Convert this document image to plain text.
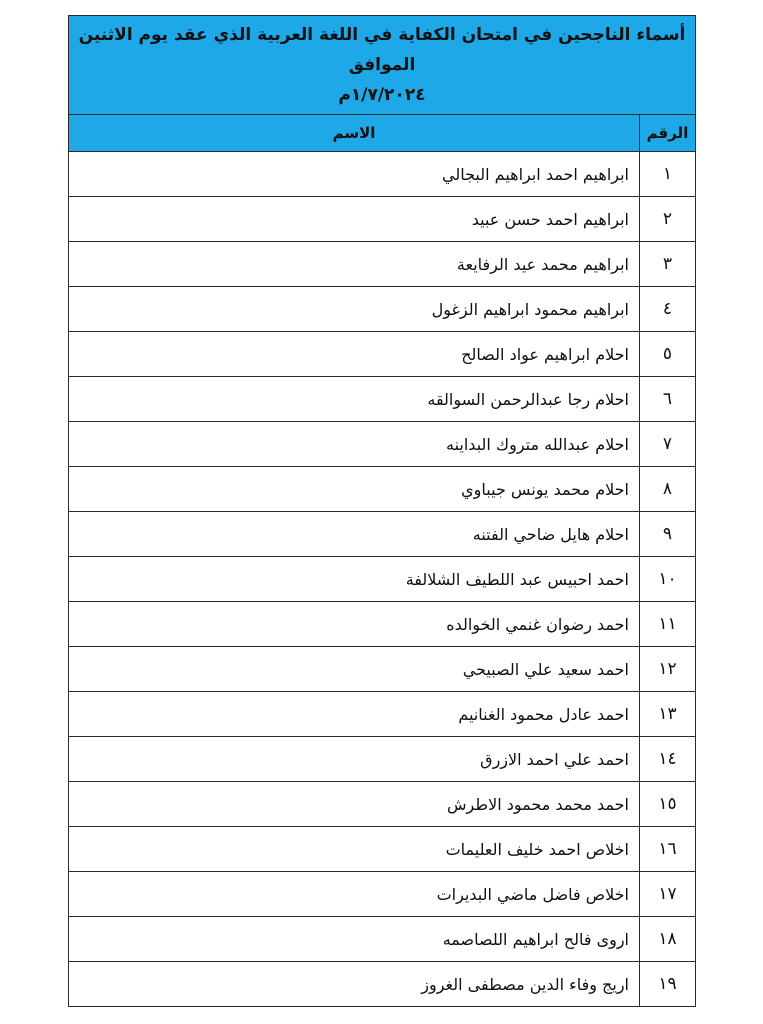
أسماء الناجحين في امتحان الكفاية في اللغة العربية الذي عقد يوم الاثنين الموافق
١/٧/٢٠٢٤م	

الرقم	الاسم
١	ابراهيم احمد ابراهيم البجالي
٢	ابراهيم احمد حسن عبيد
٣	ابراهيم محمد عيد الرفايعة
٤	ابراهيم محمود ابراهيم الزغول
٥	احلام ابراهيم عواد الصالح
٦	احلام رجا عبدالرحمن السوالقه
٧	احلام عبدالله متروك البداينه
٨	احلام محمد يونس جيباوي
٩	احلام هايل ضاحي الفتنه
١٠	احمد احبيس عبد اللطيف الشلالفة
١١	احمد رضوان غنمي الخوالده
١٢	احمد سعيد علي الصبيحي
١٣	احمد عادل محمود الغنانيم
١٤	احمد علي احمد الازرق
١٥	احمد محمد محمود الاطرش
١٦	اخلاص احمد خليف العليمات
١٧	اخلاص فاضل ماضي البديرات
١٨	اروى فالح ابراهيم اللصاصمه
١٩	اريج وفاء الدين مصطفى الغروز
